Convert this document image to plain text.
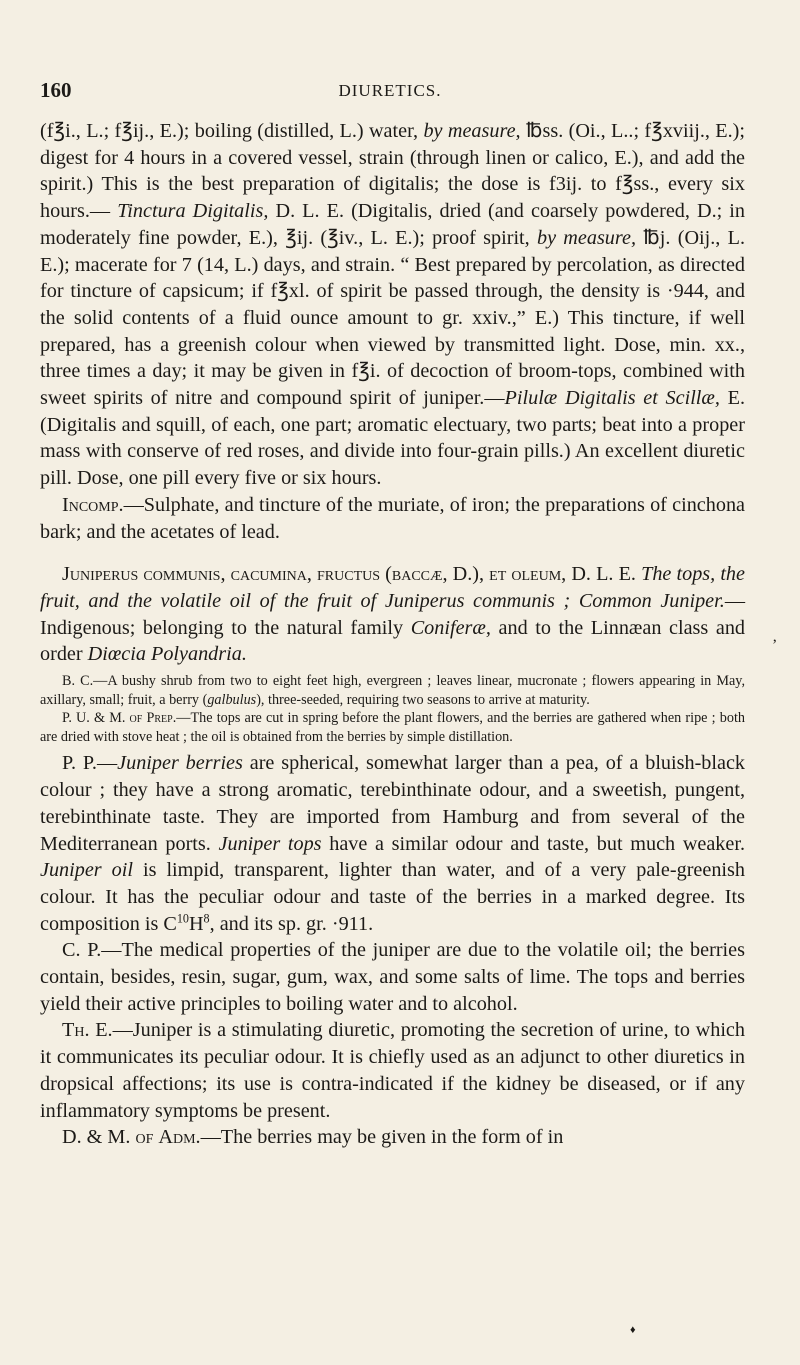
160	DIURETICS.

(f℥i., L.; f℥ij., E.); boiling (distilled, L.) water, by measure, ℔ss. (Oi., L..; f℥xviij., E.); digest for 4 hours in a covered vessel, strain (through linen or calico, E.), and add the spirit.) This is the best preparation of digitalis; the dose is f3ij. to f℥ss., every six hours.— Tinctura Digitalis, D. L. E. (Digitalis, dried (and coarsely powdered, D.; in moderately fine powder, E.), ℥ij. (℥iv., L. E.); proof spirit, by measure, ℔j. (Oij., L. E.); macerate for 7 (14, L.) days, and strain. “ Best prepared by percolation, as directed for tincture of capsicum; if f℥xl. of spirit be passed through, the density is ·944, and the solid contents of a fluid ounce amount to gr. xxiv.,” E.) This tincture, if well prepared, has a greenish colour when viewed by transmitted light. Dose, min. xx., three times a day; it may be given in f℥i. of decoction of broom-tops, combined with sweet spirits of nitre and compound spirit of juniper.—Pilulæ Digitalis et Scillæ, E. (Digitalis and squill, of each, one part; aromatic electuary, two parts; beat into a proper mass with conserve of red roses, and divide into four-grain pills.) An excellent diuretic pill. Dose, one pill every five or six hours.

Incomp.—Sulphate, and tincture of the muriate, of iron; the preparations of cinchona bark; and the acetates of lead.

Juniperus communis, cacumina, fructus (baccæ, D.), et oleum, D. L. E. The tops, the fruit, and the volatile oil of the fruit of Juniperus communis ; Common Juniper.—Indigenous; belonging to the natural family Coniferæ, and to the Linnæan class and order Diœcia Polyandria.

B. C.—A bushy shrub from two to eight feet high, evergreen ; leaves linear, mucronate ; flowers appearing in May, axillary, small; fruit, a berry (galbulus), three-seeded, requiring two seasons to arrive at maturity.

P. U. & M. of Prep.—The tops are cut in spring before the plant flowers, and the berries are gathered when ripe ; both are dried with stove heat ; the oil is obtained from the berries by simple distillation.

P. P.—Juniper berries are spherical, somewhat larger than a pea, of a bluish-black colour ; they have a strong aromatic, terebinthinate odour, and a sweetish, pungent, terebinthinate taste. They are imported from Hamburg and from several of the Mediterranean ports. Juniper tops have a similar odour and taste, but much weaker. Juniper oil is limpid, transparent, lighter than water, and of a very pale-greenish colour. It has the peculiar odour and taste of the berries in a marked degree. Its composition is $C^{10}H^8$, and its sp. gr. ·911.

C. P.—The medical properties of the juniper are due to the volatile oil; the berries contain, besides, resin, sugar, gum, wax, and some salts of lime. The tops and berries yield their active principles to boiling water and to alcohol.

Th. E.—Juniper is a stimulating diuretic, promoting the secretion of urine, to which it communicates its peculiar odour. It is chiefly used as an adjunct to other diuretics in dropsical affections; its use is contra-indicated if the kidney be diseased, or if any inflammatory symptoms be present.

D. & M. of Adm.—The berries may be given in the form of in

‚
♦
